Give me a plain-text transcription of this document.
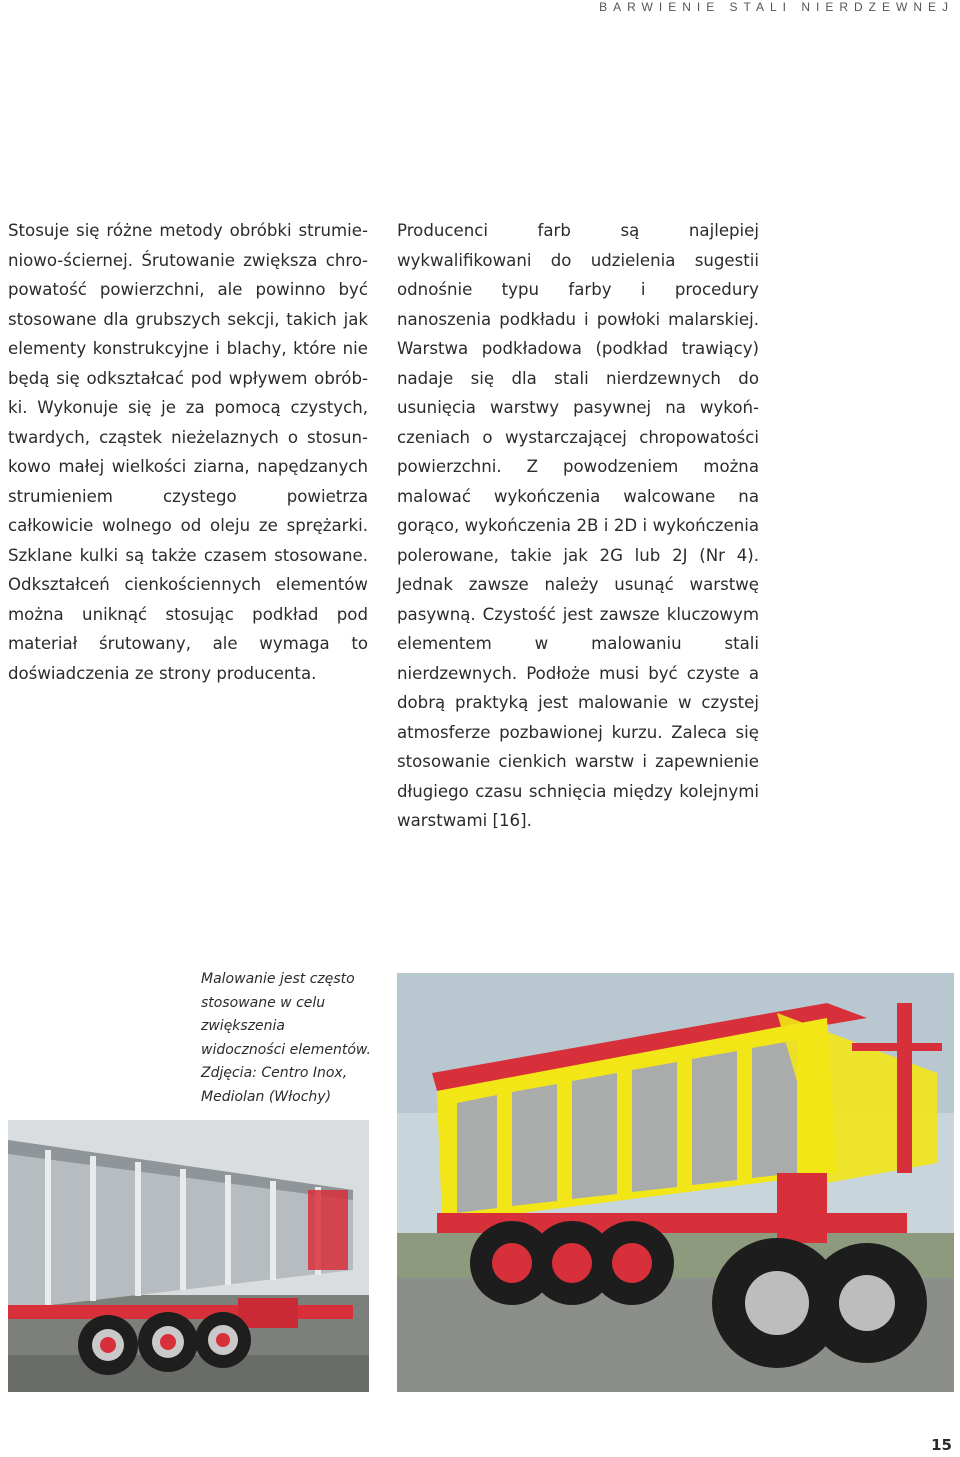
BARWIENIE STALI NIERDZEWNEJ

Stosuje się różne metody obróbki strumieniowo-ściernej. Śrutowanie zwiększa chropowatość powierzchni, ale powinno być stosowane dla grubszych sekcji, takich jak elementy konstrukcyjne i blachy, które nie będą się odkształcać pod wpływem obróbki. Wykonuje się je za pomocą czystych, twardych, cząstek nieżelaznych o stosunkowo małej wielkości ziarna, napędzanych strumieniem czystego powietrza całkowicie wolnego od oleju ze sprężarki. Szklane kulki są także czasem stosowane. Odkształceń cienkościennych elementów można uniknąć stosując podkład pod materiał śrutowany, ale wymaga to doświadczenia ze strony producenta.

Producenci farb są najlepiej wykwalifikowani do udzielenia sugestii odnośnie typu farby i procedury nanoszenia podkładu i powłoki malarskiej. Warstwa podkładowa (podkład trawiący) nadaje się dla stali nierdzewnych do usunięcia warstwy pasywnej na wykończeniach o wystarczającej chropowatości powierzchni. Z powodzeniem można malować wykończenia walcowane na gorąco, wykończenia 2B i 2D i wykończenia polerowane, takie jak 2G lub 2J (Nr 4). Jednak zawsze należy usunąć warstwę pasywną. Czystość jest zawsze kluczowym elementem w malowaniu stali nierdzewnych. Podłoże musi być czyste a dobrą praktyką jest malowanie w czystej atmosferze pozbawionej kurzu. Zaleca się stosowanie cienkich warstw i zapewnienie długiego czasu schnięcia między kolejnymi warstwami [16].

Malowanie jest często stosowane w celu zwiększenia widoczności elementów. Zdjęcia: Centro Inox, Mediolan (Włochy)
15
